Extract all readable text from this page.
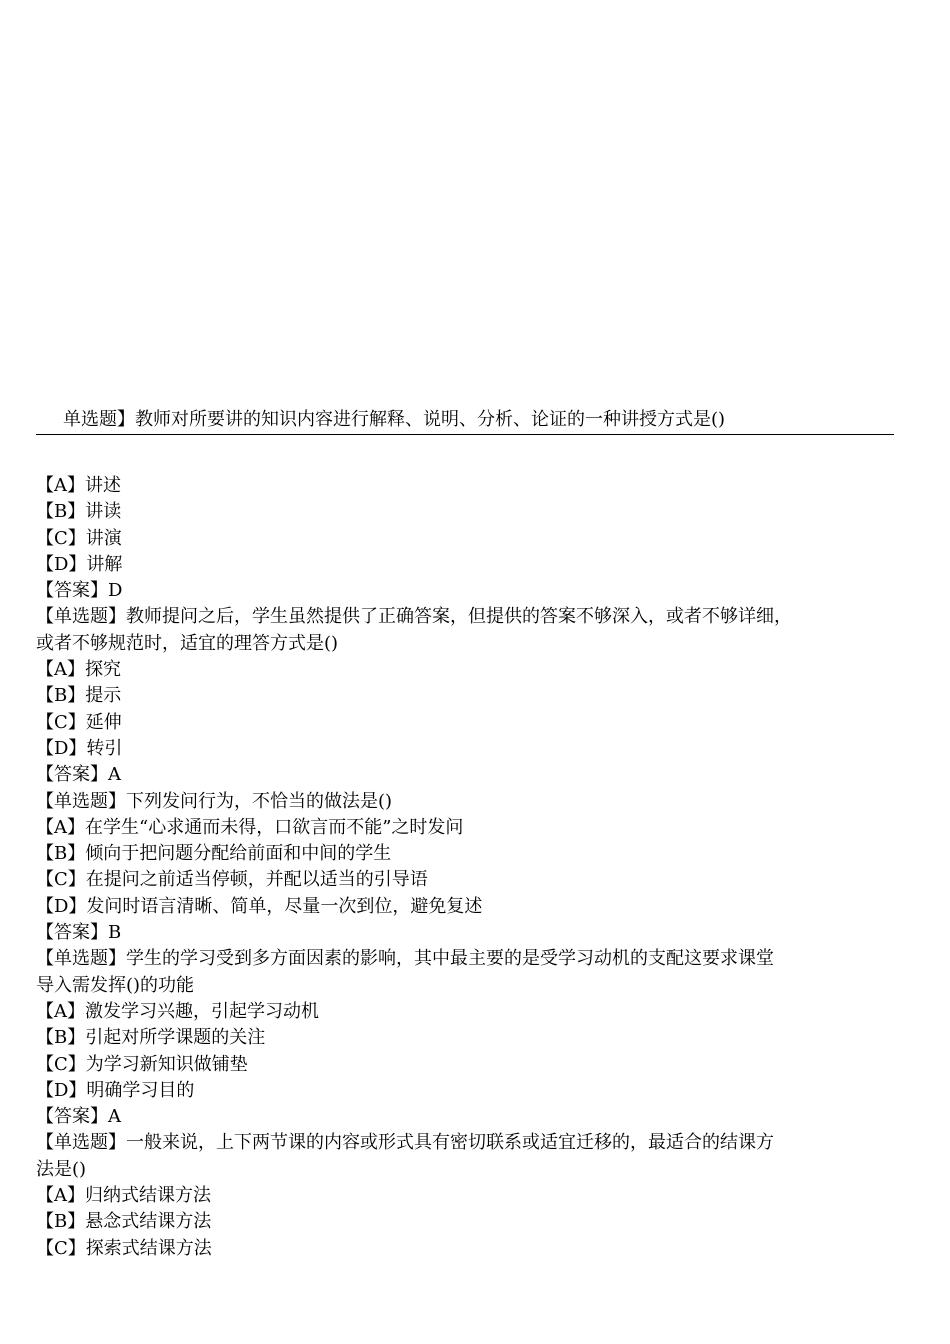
单选题】教师对所要讲的知识内容进行解释、说明、分析、论证的一种讲授方式是()
【A】讲述
【B】讲读
【C】讲演
【D】讲解
【答案】D
【单选题】教师提问之后，学生虽然提供了正确答案，但提供的答案不够深入，或者不够详细，
或者不够规范时，适宜的理答方式是()
【A】探究
【B】提示
【C】延伸
【D】转引
【答案】A
【单选题】下列发问行为，不恰当的做法是()
【A】在学生“心求通而未得，口欲言而不能”之时发问
【B】倾向于把问题分配给前面和中间的学生
【C】在提问之前适当停顿，并配以适当的引导语
【D】发问时语言清晰、简单，尽量一次到位，避免复述
【答案】B
【单选题】学生的学习受到多方面因素的影响，其中最主要的是受学习动机的支配这要求课堂
导入需发挥()的功能
【A】激发学习兴趣，引起学习动机
【B】引起对所学课题的关注
【C】为学习新知识做铺垫
【D】明确学习目的
【答案】A
【单选题】一般来说，上下两节课的内容或形式具有密切联系或适宜迁移的，最适合的结课方
法是()
【A】归纳式结课方法
【B】悬念式结课方法
【C】探索式结课方法
